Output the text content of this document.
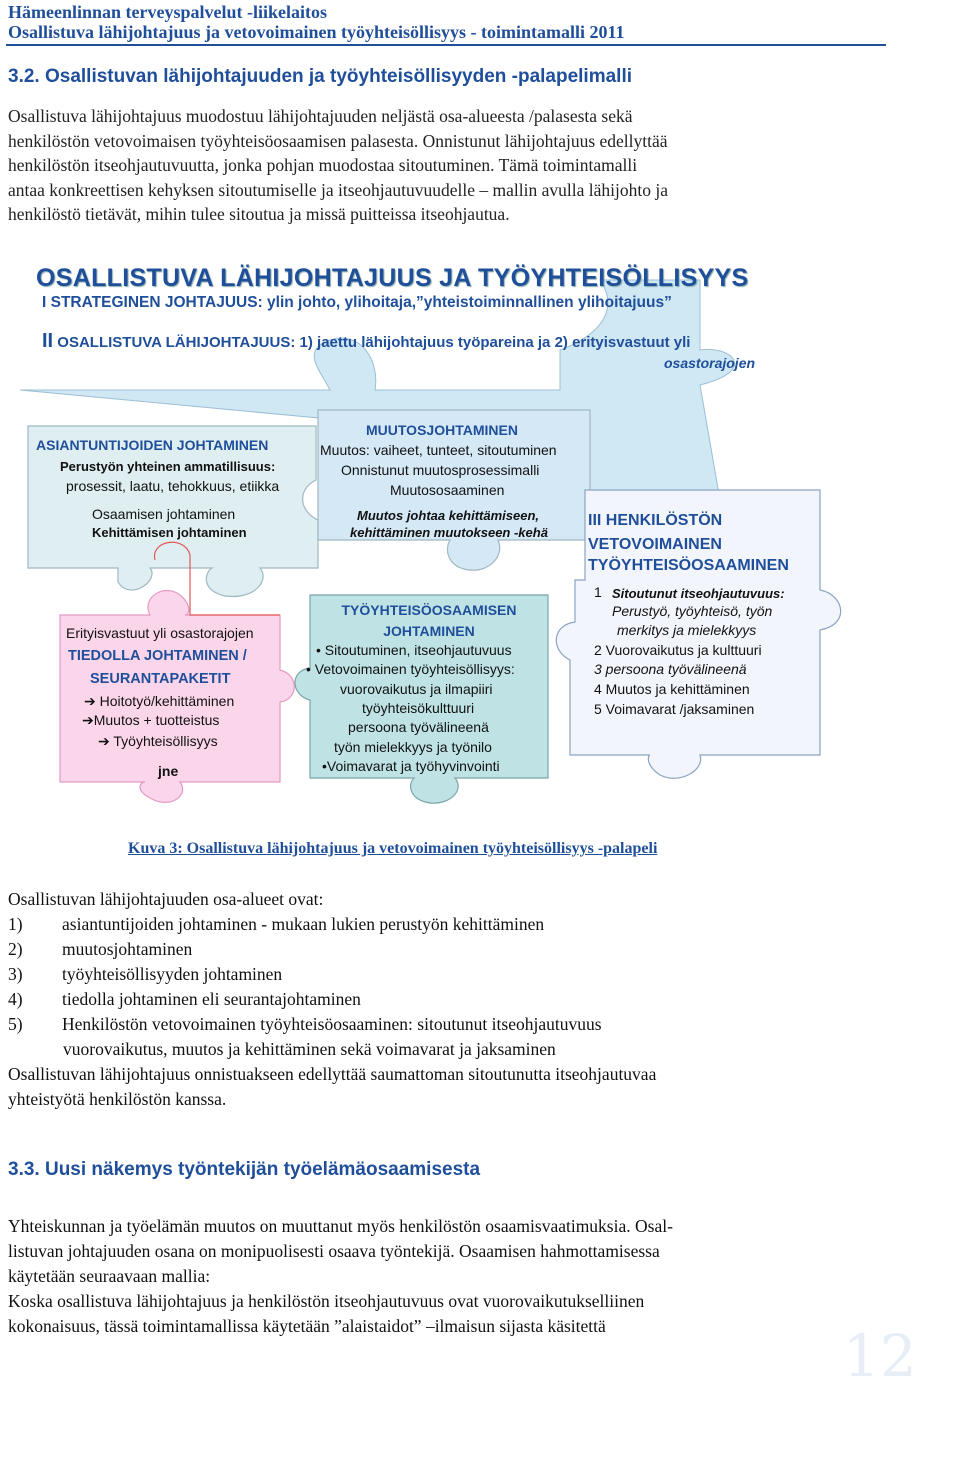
Hämeenlinnan terveyspalvelut -liikelaitos
Osallistuva lähijohtajuus ja vetovoimainen työyhteisöllisyys - toimintamalli 2011
3.2. Osallistuvan lähijohtajuuden ja työyhteisöllisyyden -palapelimalli
Osallistuva lähijohtajuus muodostuu lähijohtajuuden neljästä osa-alueesta /palasesta sekä
henkilöstön vetovoimaisen työyhteisöosaamisen palasesta. Onnistunut lähijohtajuus edellyttää
henkilöstön itseohjautuvuutta, jonka pohjan muodostaa sitoutuminen. Tämä toimintamalli
antaa konkreettisen kehyksen sitoutumiselle ja itseohjautuvuudelle – mallin avulla lähijohto ja
henkilöstö tietävät, mihin tulee sitoutua ja missä puitteissa itseohjautua.
OSALLISTUVA LÄHIJOHTAJUUS JA TYÖYHTEISÖLLISYYS
I STRATEGINEN JOHTAJUUS: ylin johto, ylihoitaja,”yhteistoiminnallinen ylihoitajuus”
II OSALLISTUVA LÄHIJOHTAJUUS: 1) jaettu lähijohtajuus työpareina ja 2) erityisvastuut yli
osastorajojen
ASIANTUNTIJOIDEN JOHTAMINEN
Perustyön yhteinen ammatillisuus:
prosessit, laatu, tehokkuus, etiikka
Osaamisen johtaminen
Kehittämisen johtaminen
MUUTOSJOHTAMINEN
Muutos: vaiheet, tunteet, sitoutuminen
Onnistunut muutosprosessimalli
Muutososaaminen
Muutos johtaa kehittämiseen,
kehittäminen muutokseen -kehä
Erityisvastuut yli osastorajojen
TIEDOLLA JOHTAMINEN /
SEURANTAPAKETIT
➔ Hoitotyö/kehittäminen
➔Muutos + tuotteistus
➔ Työyhteisöllisyys
jne
TYÖYHTEISÖOSAAMISEN
JOHTAMINEN
• Sitoutuminen, itseohjautuvuus
• Vetovoimainen työyhteisöllisyys:
vuorovaikutus ja ilmapiiri
työyhteisökulttuuri
persoona työvälineenä
työn mielekkyys ja työnilo
•Voimavarat ja työhyvinvointi
III HENKILÖSTÖN
VETOVOIMAINEN
TYÖYHTEISÖOSAAMINEN
1 Sitoutunut itseohjautuvuus:
Perustyö, työyhteisö, työn
merkitys ja mielekkyys
2 Vuorovaikutus ja kulttuuri
3 persoona työvälineenä
4 Muutos ja kehittäminen
5 Voimavarat /jaksaminen
Kuva 3: Osallistuva lähijohtajuus ja vetovoimainen työyhteisöllisyys -palapeli
Osallistuvan lähijohtajuuden osa-alueet ovat:
1) asiantuntijoiden johtaminen - mukaan lukien perustyön kehittäminen
2) muutosjohtaminen
3) työyhteisöllisyyden johtaminen
4) tiedolla johtaminen eli seurantajohtaminen
5) Henkilöstön vetovoimainen työyhteisöosaaminen: sitoutunut itseohjautuvuus
vuorovaikutus, muutos ja kehittäminen sekä voimavarat ja jaksaminen
Osallistuvan lähijohtajuus onnistuakseen edellyttää saumattoman sitoutunutta itseohjautuvaa
yhteistyötä henkilöstön kanssa.
3.3. Uusi näkemys työntekijän työelämäosaamisesta
Yhteiskunnan ja työelämän muutos on muuttanut myös henkilöstön osaamisvaatimuksia. Osal-
listuvan johtajuuden osana on monipuolisesti osaava työntekijä. Osaamisen hahmottamisessa
käytetään seuraavaan mallia:
Koska osallistuva lähijohtajuus ja henkilöstön itseohjautuvuus ovat vuorovaikutukselliinen
kokonaisuus, tässä toimintamallissa käytetään ”alaistaidot” –ilmaisun sijasta käsitettä	12
